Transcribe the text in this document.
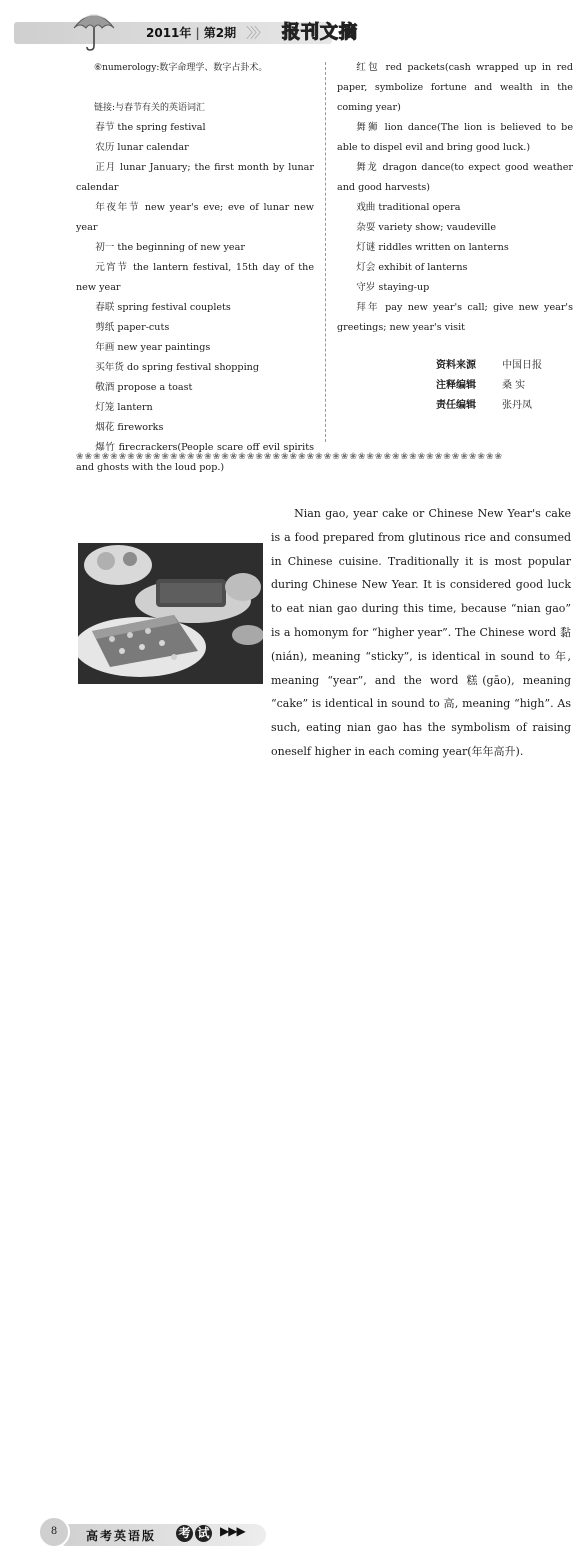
2011年 | 第2期 〉〉〉 报刊文摘

⑥numerology:数字命理学、数字占卦术。

链接:与春节有关的英语词汇

春节 the spring festival

农历 lunar calendar

正月 lunar January; the first month by lunar calendar

年夜年节 new year's eve; eve of lunar new year

初一 the beginning of new year

元宵节 the lantern festival, 15th day of the new year

春联 spring festival couplets

剪纸 paper-cuts

年画 new year paintings

买年货 do spring festival shopping

敬酒 propose a toast

灯笼 lantern

烟花 fireworks

爆竹 firecrackers(People scare off evil spirits and ghosts with the loud pop.)

红包 red packets(cash wrapped up in red paper, symbolize fortune and wealth in the coming year)

舞狮 lion dance(The lion is believed to be able to dispel evil and bring good luck.)

舞龙 dragon dance(to expect good weather and good harvests)

戏曲 traditional opera

杂耍 variety show; vaudeville

灯谜 riddles written on lanterns

灯会 exhibit of lanterns

守岁 staying-up

拜年 pay new year's call; give new year's greetings; new year's visit

资料来源	中国日报
注释编辑	桑 实
责任编辑	张丹凤
❀❀❀❀❀❀❀❀❀❀❀❀❀❀❀❀❀❀❀❀❀❀❀❀❀❀❀❀❀❀❀❀❀❀❀❀❀❀❀❀❀❀❀❀❀❀❀❀❀❀

Nian gao, year cake or Chinese New Year's cake is a food prepared from glutinous rice and consumed in Chinese cuisine. Traditionally it is most popular during Chinese New Year. It is considered good luck to eat nian gao during this time, because “nian gao” is a homonym for “higher year”. The Chinese word 黏(nián), meaning “sticky”, is identical in sound to 年, meaning “year”, and the word 糕(gāo), meaning “cake” is identical in sound to 高, meaning “high”. As such, eating nian gao has the symbolism of raising oneself higher in each coming year(年年高升).

8	高考英语版 考 试 ▶▶▶
